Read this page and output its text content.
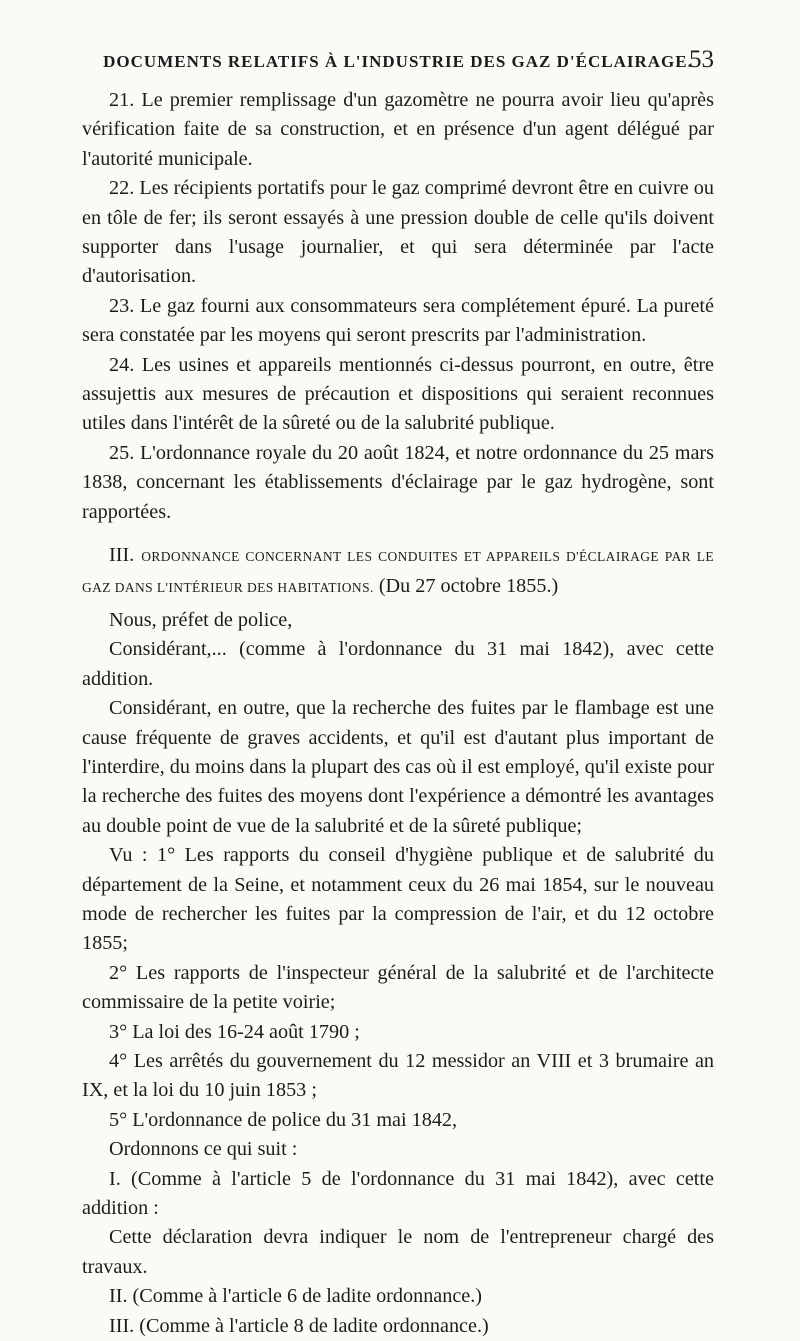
DOCUMENTS RELATIFS À L'INDUSTRIE DES GAZ D'ÉCLAIRAGE.
53

21. Le premier remplissage d'un gazomètre ne pourra avoir lieu qu'après vérification faite de sa construction, et en présence d'un agent délégué par l'autorité municipale.

22. Les récipients portatifs pour le gaz comprimé devront être en cuivre ou en tôle de fer; ils seront essayés à une pression double de celle qu'ils doivent supporter dans l'usage journalier, et qui sera déterminée par l'acte d'autorisation.

23. Le gaz fourni aux consommateurs sera complétement épuré. La pureté sera constatée par les moyens qui seront prescrits par l'administration.

24. Les usines et appareils mentionnés ci-dessus pourront, en outre, être assujettis aux mesures de précaution et dispositions qui seraient reconnues utiles dans l'intérêt de la sûreté ou de la salubrité publique.

25. L'ordonnance royale du 20 août 1824, et notre ordonnance du 25 mars 1838, concernant les établissements d'éclairage par le gaz hydrogène, sont rapportées.

III. ORDONNANCE CONCERNANT LES CONDUITES ET APPAREILS D'ÉCLAIRAGE PAR LE GAZ DANS L'INTÉRIEUR DES HABITATIONS. (Du 27 octobre 1855.)

Nous, préfet de police,

Considérant,... (comme à l'ordonnance du 31 mai 1842), avec cette addition.

Considérant, en outre, que la recherche des fuites par le flambage est une cause fréquente de graves accidents, et qu'il est d'autant plus important de l'interdire, du moins dans la plupart des cas où il est employé, qu'il existe pour la recherche des fuites des moyens dont l'expérience a démontré les avantages au double point de vue de la salubrité et de la sûreté publique;

Vu : 1° Les rapports du conseil d'hygiène publique et de salubrité du département de la Seine, et notamment ceux du 26 mai 1854, sur le nouveau mode de rechercher les fuites par la compression de l'air, et du 12 octobre 1855;

2° Les rapports de l'inspecteur général de la salubrité et de l'architecte commissaire de la petite voirie;

3° La loi des 16-24 août 1790 ;

4° Les arrêtés du gouvernement du 12 messidor an VIII et 3 brumaire an IX, et la loi du 10 juin 1853 ;

5° L'ordonnance de police du 31 mai 1842,

Ordonnons ce qui suit :

I. (Comme à l'article 5 de l'ordonnance du 31 mai 1842), avec cette addition :

Cette déclaration devra indiquer le nom de l'entrepreneur chargé des travaux.

II. (Comme à l'article 6 de ladite ordonnance.)

III. (Comme à l'article 8 de ladite ordonnance.)
